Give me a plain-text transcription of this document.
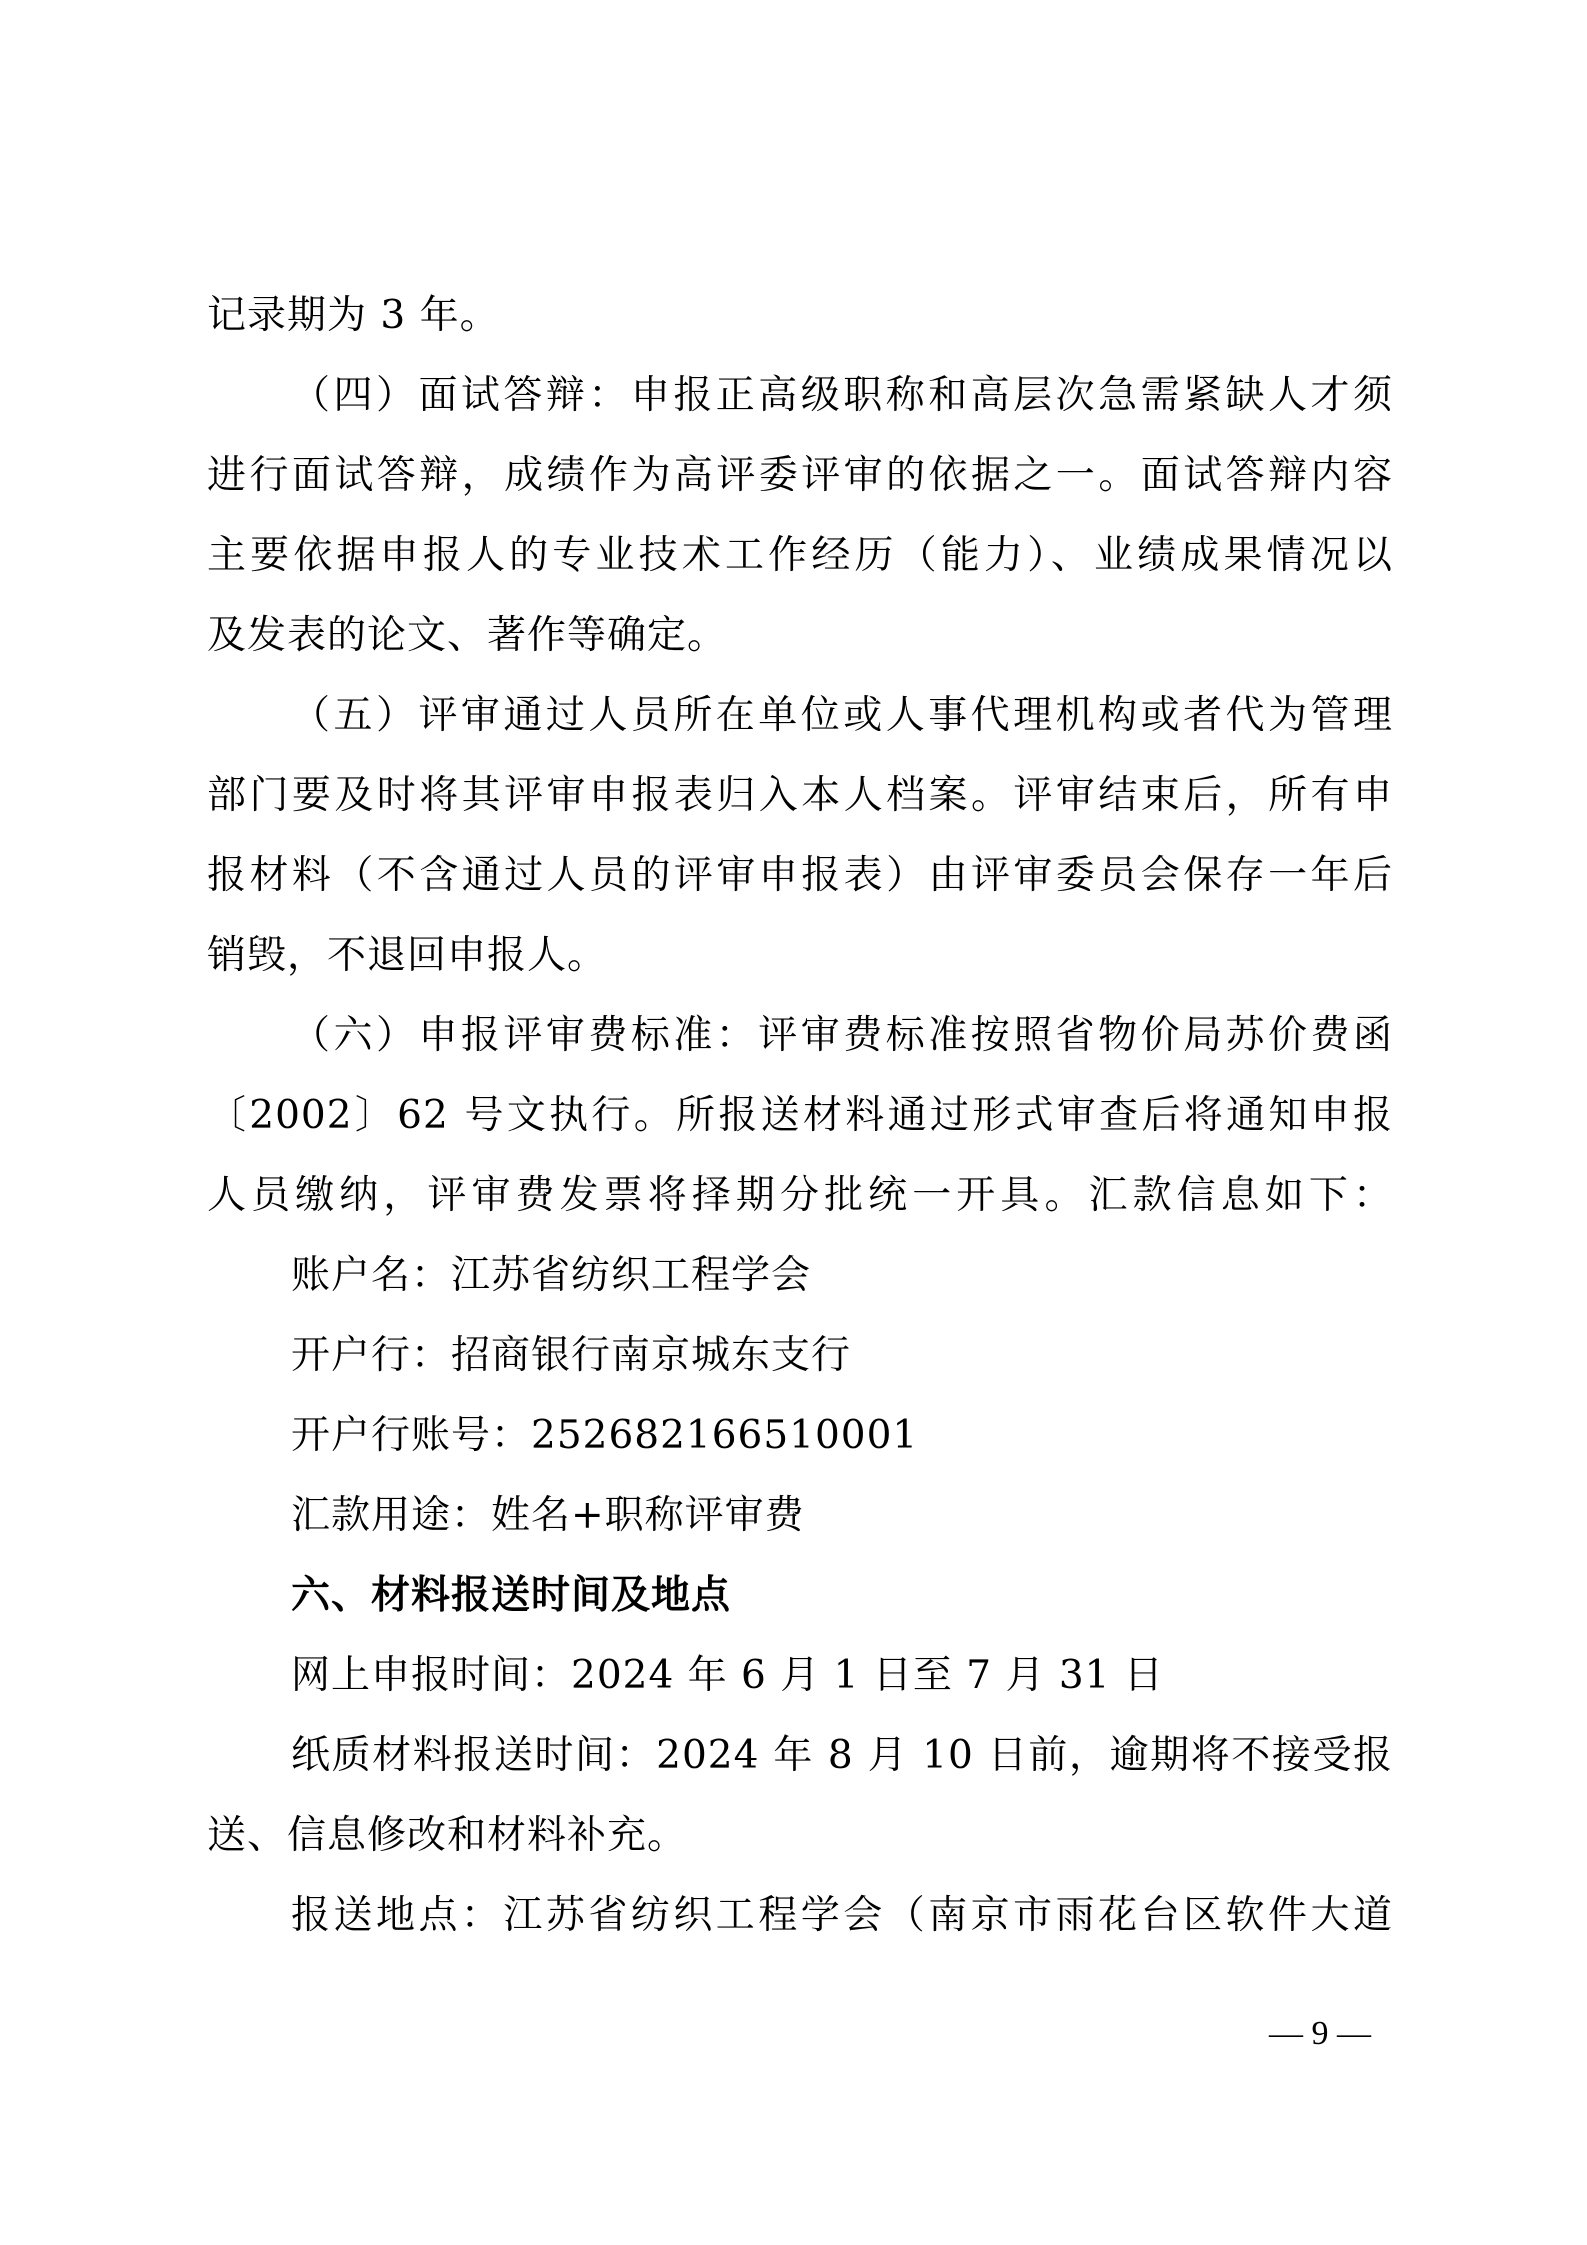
记录期为 3 年。
（四）面试答辩：申报正高级职称和高层次急需紧缺人才须
进行面试答辩，成绩作为高评委评审的依据之一。面试答辩内容
主要依据申报人的专业技术工作经历（能力）、业绩成果情况以
及发表的论文、著作等确定。
（五）评审通过人员所在单位或人事代理机构或者代为管理
部门要及时将其评审申报表归入本人档案。评审结束后，所有申
报材料（不含通过人员的评审申报表）由评审委员会保存一年后
销毁，不退回申报人。
（六）申报评审费标准：评审费标准按照省物价局苏价费函
〔2002〕62 号文执行。所报送材料通过形式审查后将通知申报
人员缴纳，评审费发票将择期分批统一开具。汇款信息如下：
账户名：江苏省纺织工程学会
开户行：招商银行南京城东支行
开户行账号：252682166510001
汇款用途：姓名+职称评审费
六、材料报送时间及地点
网上申报时间：2024 年 6 月 1 日至 7 月 31 日
纸质材料报送时间：2024 年 8 月 10 日前，逾期将不接受报
送、信息修改和材料补充。
报送地点：江苏省纺织工程学会（南京市雨花台区软件大道
— 9 —
